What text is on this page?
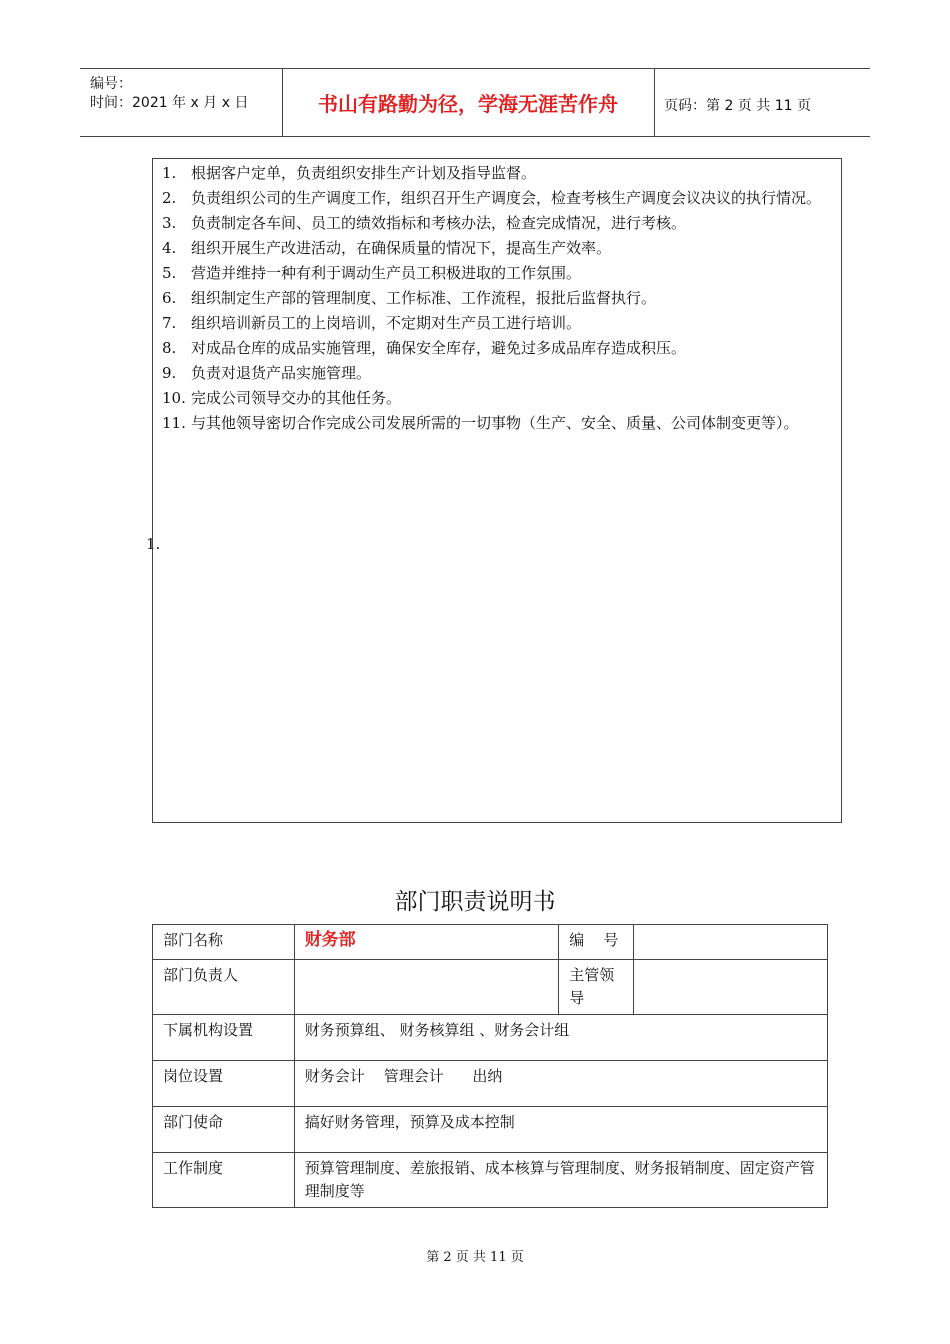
编号：
时间：2021 年 x 月 x 日	书山有路勤为径，学海无涯苦作舟	页码：第 2 页 共 11 页
1. 根据客户定单，负责组织安排生产计划及指导监督。
2. 负责组织公司的生产调度工作，组织召开生产调度会，检查考核生产调度会议决议的执行情况。
3. 负责制定各车间、员工的绩效指标和考核办法，检查完成情况，进行考核。
4. 组织开展生产改进活动，在确保质量的情况下，提高生产效率。
5. 营造并维持一种有利于调动生产员工积极进取的工作氛围。
6. 组织制定生产部的管理制度、工作标准、工作流程，报批后监督执行。
7. 组织培训新员工的上岗培训，不定期对生产员工进行培训。
8. 对成品仓库的成品实施管理，确保安全库存，避免过多成品库存造成积压。
9. 负责对退货产品实施管理。
10. 完成公司领导交办的其他任务。
11. 与其他领导密切合作完成公司发展所需的一切事物（生产、安全、质量、公司体制变更等）。
1.
部门职责说明书
部门名称	财务部	编    号	
部门负责人		主管领导	
下属机构设置	财务预算组、 财务核算组 、财务会计组		
岗位设置	财务会计    管理会计      出纳		
部门使命	搞好财务管理，预算及成本控制		
工作制度	预算管理制度、差旅报销、成本核算与管理制度、财务报销制度、固定资产管理制度等		
第 2 页 共 11 页
